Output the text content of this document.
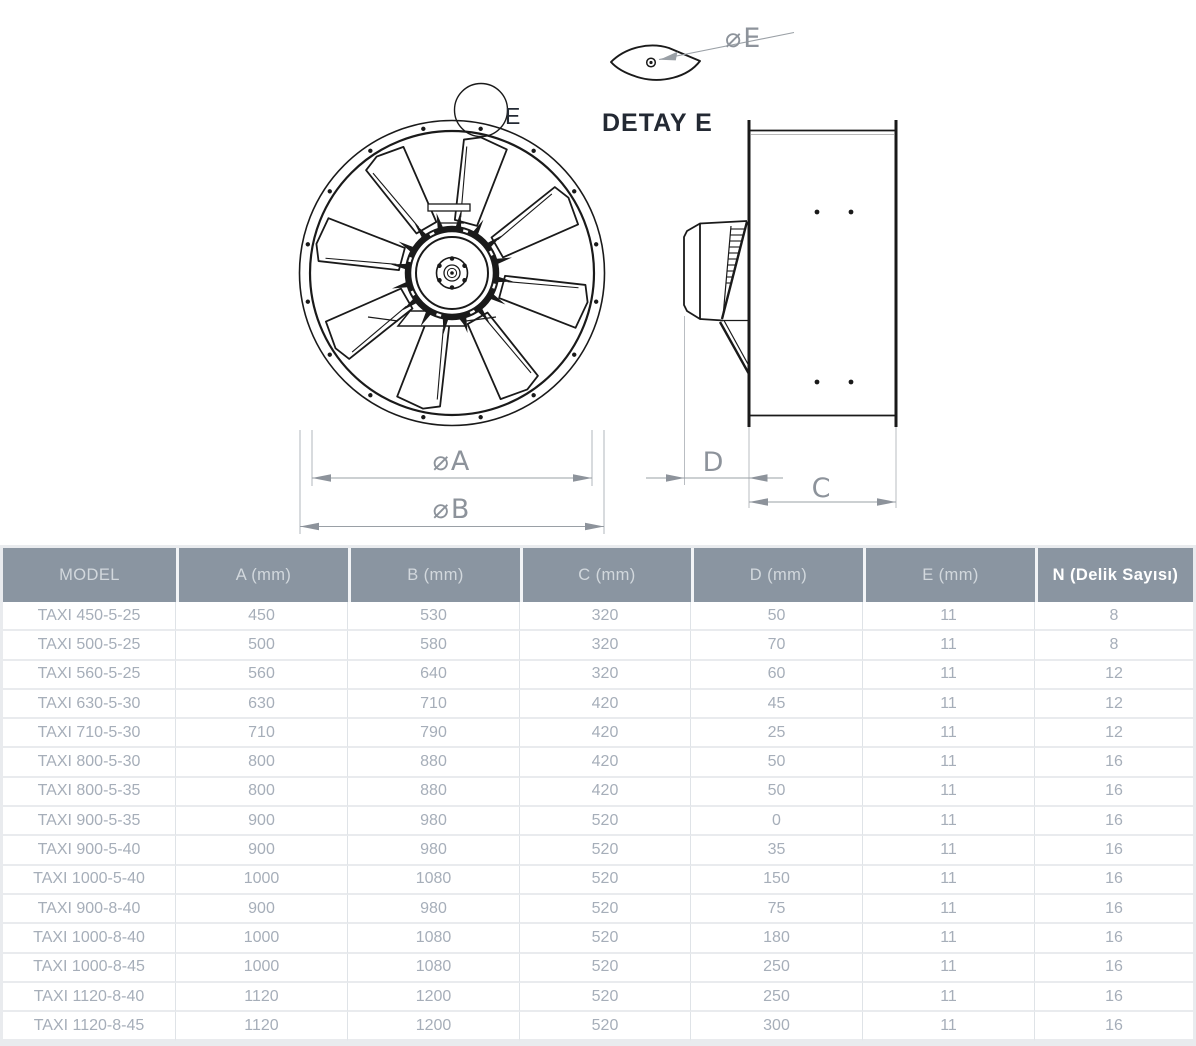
E
⌀A
⌀B
⌀E
DETAY E
D
C
MODEL	A (mm)	B (mm)	C (mm)	D (mm)	E (mm)	N (Delik Sayısı)
TAXI 450-5-25	450	530	320	50	11	8
TAXI 500-5-25	500	580	320	70	11	8
TAXI 560-5-25	560	640	320	60	11	12
TAXI 630-5-30	630	710	420	45	11	12
TAXI 710-5-30	710	790	420	25	11	12
TAXI 800-5-30	800	880	420	50	11	16
TAXI 800-5-35	800	880	420	50	11	16
TAXI 900-5-35	900	980	520	0	11	16
TAXI 900-5-40	900	980	520	35	11	16
TAXI 1000-5-40	1000	1080	520	150	11	16
TAXI 900-8-40	900	980	520	75	11	16
TAXI 1000-8-40	1000	1080	520	180	11	16
TAXI 1000-8-45	1000	1080	520	250	11	16
TAXI 1120-8-40	1120	1200	520	250	11	16
TAXI 1120-8-45	1120	1200	520	300	11	16
